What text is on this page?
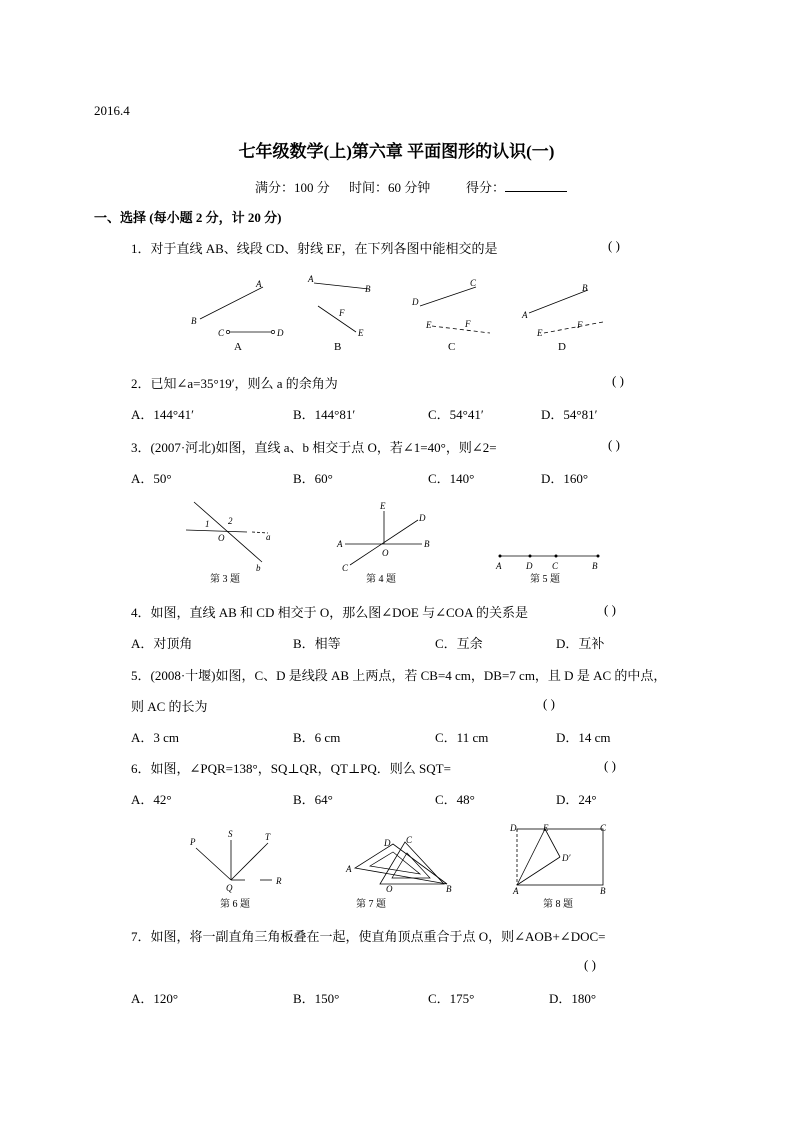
2016.4
七年级数学(上)第六章 平面图形的认识(一)
满分：100 分 时间：60 分钟	得分：
一、选择 (每小题 2 分，计 20 分)
1．对于直线 AB、线段 CD、射线 EF，在下列各图中能相交的是	( )
A
B
C	D
A
A
B
F
E
B
D
C
E	F
C
A
B
E
F
D
2．已知∠a=35°19′，则么 a 的余角为	( )
A．144°41′	B．144°81′	C．54°41′	D．54°81′
3．(2007·河北)如图，直线 a、b 相交于点 O，若∠1=40°，则∠2=	( )
A．50°	B．60°	C．140°	D．160°
1 2
O	a
b
第 3 题
E
D
A	B
O
C
第 4 题
A	D C	B
第 5 题
4．如图，直线 AB 和 CD 相交于 O，那么图∠DOE 与∠COA 的关系是	( )
A．对顶角	B．相等	C．互余	D．互补
5．(2008·十堰)如图，C、D 是线段 AB 上两点，若 CB=4 cm，DB=7 cm，且 D 是 AC 的中点，
则 AC 的长为	( )
A．3 cm	B．6 cm	C．11 cm	D．14 cm
6．如图，∠PQR=138°，SQ⊥QR，QT⊥PQ．则么 SQT=	( )
A．42°	B．64°	C．48°	D．24°
S
P	T
R
Q
第 6 题
A
D C
O	B
第 7 题
D	E	C
D′
A	B
第 8 题
7．如图，将一副直角三角板叠在一起，使直角顶点重合于点 O，则∠AOB+∠DOC=
( )
A．120°	B．150°	C．175°	D．180°
